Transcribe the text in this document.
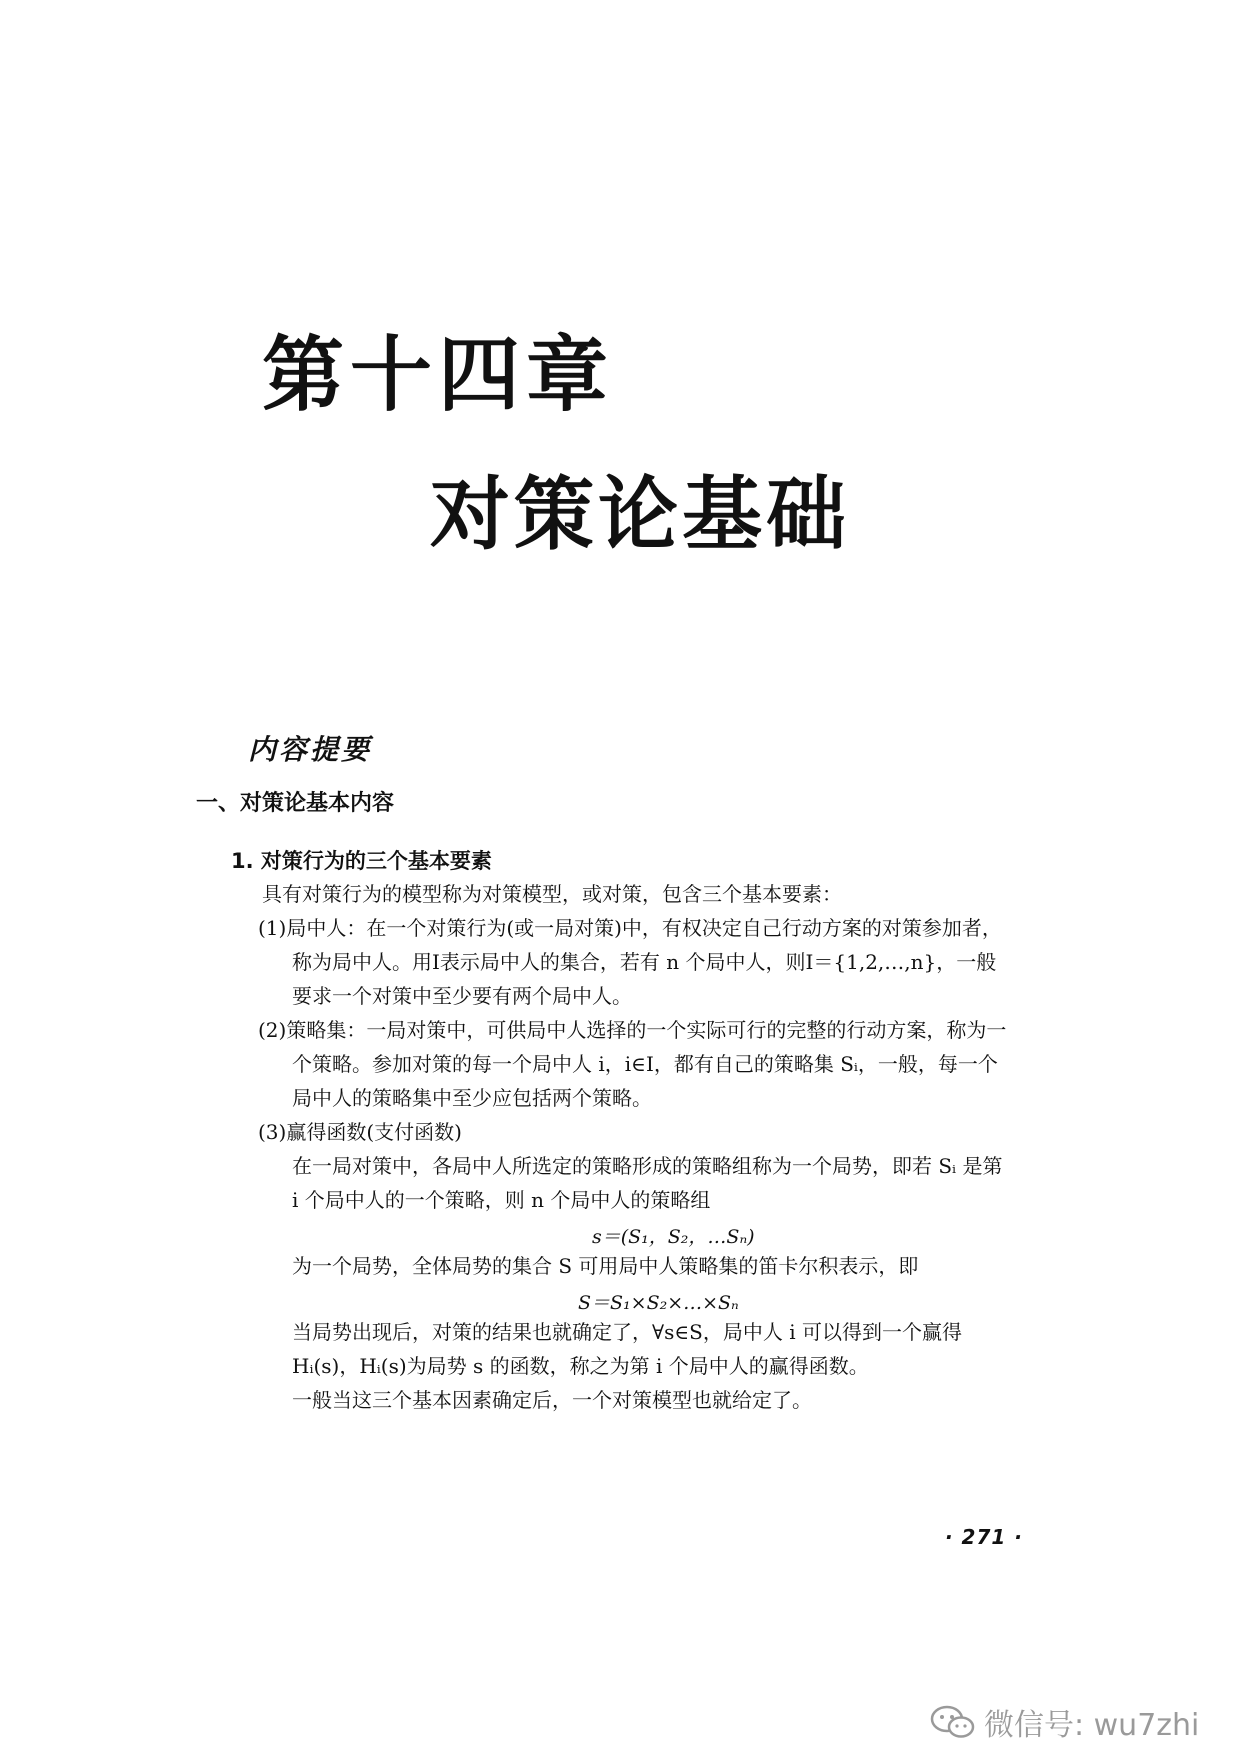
第十四章
对策论基础
内容提要
一、对策论基本内容
1. 对策行为的三个基本要素
具有对策行为的模型称为对策模型，或对策，包含三个基本要素：
(1)局中人：在一个对策行为(或一局对策)中，有权决定自己行动方案的对策参加者，
称为局中人。用Ⅰ表示局中人的集合，若有 n 个局中人，则Ⅰ＝{1,2,…,n}，一般
要求一个对策中至少要有两个局中人。
(2)策略集：一局对策中，可供局中人选择的一个实际可行的完整的行动方案，称为一
个策略。参加对策的每一个局中人 i，i∈Ⅰ，都有自己的策略集 Sᵢ，一般，每一个
局中人的策略集中至少应包括两个策略。
(3)赢得函数(支付函数)
在一局对策中，各局中人所选定的策略形成的策略组称为一个局势，即若 Sᵢ 是第
i 个局中人的一个策略，则 n 个局中人的策略组
s＝(S₁，S₂，…Sₙ)
为一个局势，全体局势的集合 S 可用局中人策略集的笛卡尔积表示，即
S＝S₁×S₂×…×Sₙ
当局势出现后，对策的结果也就确定了，∀s∈S，局中人 i 可以得到一个赢得
Hᵢ(s)，Hᵢ(s)为局势 s 的函数，称之为第 i 个局中人的赢得函数。
一般当这三个基本因素确定后，一个对策模型也就给定了。
· 271 ·
微信号: wu7zhi
